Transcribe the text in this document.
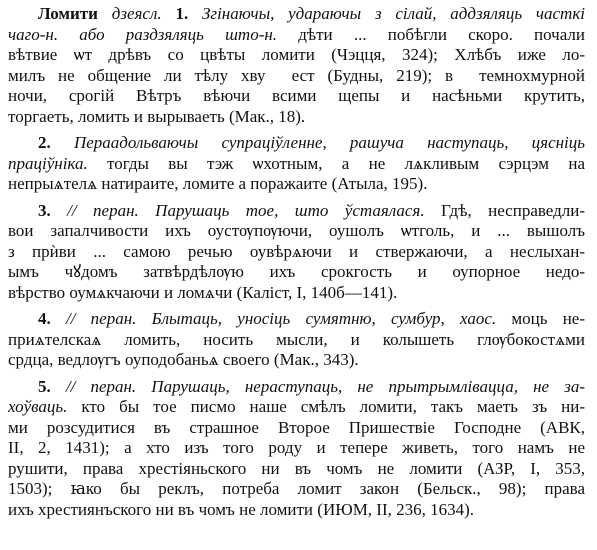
Ломити дзеясл. 1. Згінаючы, удараючы з сілай, аддзяляць часткі
чаго-н. або раздзяляць што-н. дѣти ... побѣгли скоро. почали
вѣтвие ѡт дрѣвъ со цвѣты ломити (Чэцця, 324); Хлѣбъ иже ло-
милъ не общение ли тѣлу хвуⷭ ест (Будны, 219); вⷪ темнохмурной
ночи, срогій Вѣтръ вѣючи всими щепы и насѣньми крутить,
торгаеть, ломить и вырываеть (Мак., 18).
2. Пераадольваючы супраціўленне, рашуча наступаць, цясніць
праціўніка. тогды вы тэж ѡхотным, а не лѧкливым сэрцэм на
непрыѧтелѧ натираите, ломите а поражаите (Атыла, 195).
3. // перан. Парушаць тое, што ўстаялася. Гдѣ, несправедли-
вои запалчивости ихъ оустѹпѹючи, оушолъ ѡтголь, и ... вышолъ
з прѝви ... самою речью оувѣрѧючи и ствержаючи, а неслыхан-
ымъ чꙋдомъ затвѣрдѣлѹю ихъ срокгость и оупорное недо-
вѣрство оумѧкчаючи и ломѧчи (Каліст, I, 140б—141).
4. // перан. Блытаць, уносіць сумятню, сумбур, хаос. моць не-
приѧтелскаѧ ломить, носить мысли, и колышеть глѹбокостѧми
срдца, ведлѹгъ оуподобаньѧ своего (Мак., 343).
5. // перан. Парушаць, нераступаць, не прытрымлівацца, не за-
хоўваць. кто бы тое писмо наше смѣлъ ломити, такъ маеть зъ ни-
ми розсудитися въ страшное Второе Пришествіе Господне (АВК,
II, 2, 1431); а хто изъ того роду и тепере живеть, того намъ не
рушити, права хрестіяньского ни въ чомъ не ломити (АЗР, I, 353,
1503); ꙗко бы реклъ, потреба ломит закон (Бельск., 98); права
ихъ хрестиянъского ни въ чомъ не ломити (ИЮМ, II, 236, 1634).
